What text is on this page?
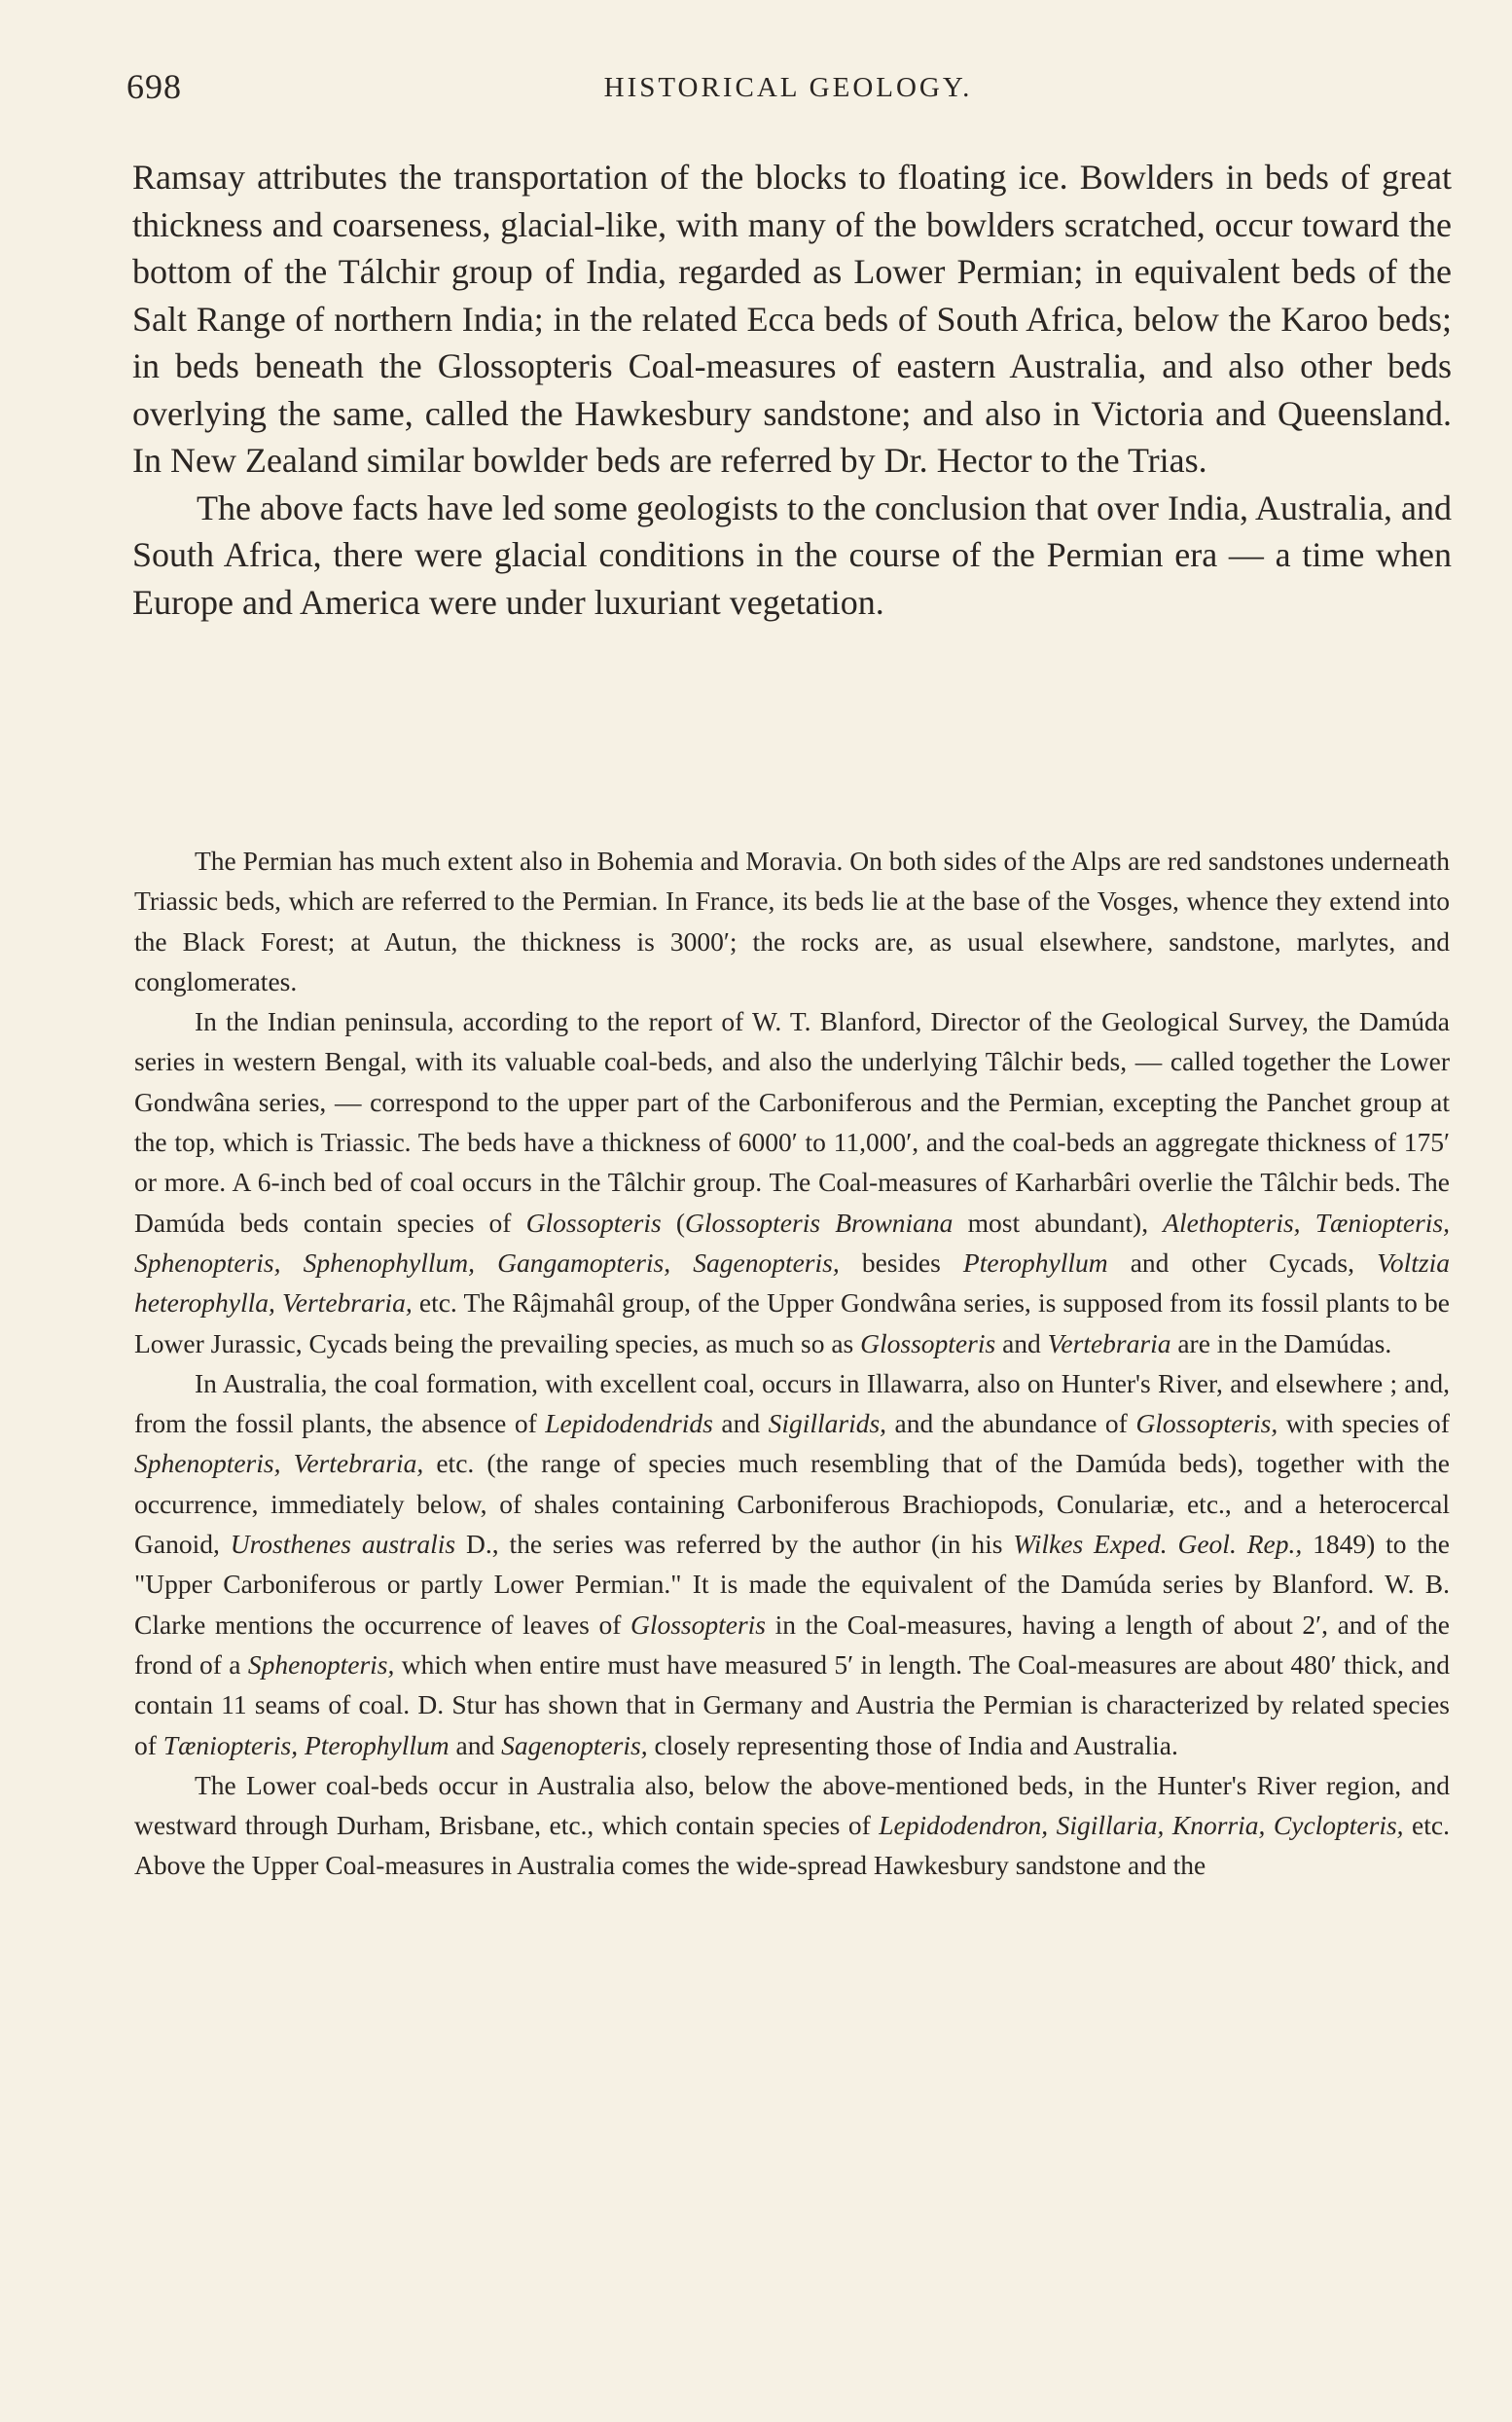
698	HISTORICAL GEOLOGY.

Ramsay attributes the transportation of the blocks to floating ice. Bowlders in beds of great thickness and coarseness, glacial-like, with many of the bowlders scratched, occur toward the bottom of the Tálchir group of India, regarded as Lower Permian; in equivalent beds of the Salt Range of northern India; in the related Ecca beds of South Africa, below the Karoo beds; in beds beneath the Glossopteris Coal-measures of eastern Australia, and also other beds overlying the same, called the Hawkesbury sandstone; and also in Victoria and Queensland. In New Zealand similar bowlder beds are referred by Dr. Hector to the Trias.

The above facts have led some geologists to the conclusion that over India, Australia, and South Africa, there were glacial conditions in the course of the Permian era — a time when Europe and America were under luxuriant vegetation.

The Permian has much extent also in Bohemia and Moravia. On both sides of the Alps are red sandstones underneath Triassic beds, which are referred to the Permian. In France, its beds lie at the base of the Vosges, whence they extend into the Black Forest; at Autun, the thickness is 3000′; the rocks are, as usual elsewhere, sandstone, marlytes, and conglomerates.

In the Indian peninsula, according to the report of W. T. Blanford, Director of the Geological Survey, the Damúda series in western Bengal, with its valuable coal-beds, and also the underlying Tâlchir beds, — called together the Lower Gondwâna series, — correspond to the upper part of the Carboniferous and the Permian, excepting the Panchet group at the top, which is Triassic. The beds have a thickness of 6000′ to 11,000′, and the coal-beds an aggregate thickness of 175′ or more. A 6-inch bed of coal occurs in the Tâlchir group. The Coal-measures of Karharbâri overlie the Tâlchir beds. The Damúda beds contain species of Glossopteris (Glossopteris Browniana most abundant), Alethopteris, Tæniopteris, Sphenopteris, Sphenophyllum, Gangamopteris, Sagenopteris, besides Pterophyllum and other Cycads, Voltzia heterophylla, Vertebraria, etc. The Râjmahâl group, of the Upper Gondwâna series, is supposed from its fossil plants to be Lower Jurassic, Cycads being the prevailing species, as much so as Glossopteris and Vertebraria are in the Damúdas.

In Australia, the coal formation, with excellent coal, occurs in Illawarra, also on Hunter's River, and elsewhere ; and, from the fossil plants, the absence of Lepidodendrids and Sigillarids, and the abundance of Glossopteris, with species of Sphenopteris, Vertebraria, etc. (the range of species much resembling that of the Damúda beds), together with the occurrence, immediately below, of shales containing Carboniferous Brachiopods, Conulariæ, etc., and a heterocercal Ganoid, Urosthenes australis D., the series was referred by the author (in his Wilkes Exped. Geol. Rep., 1849) to the "Upper Carboniferous or partly Lower Permian." It is made the equivalent of the Damúda series by Blanford. W. B. Clarke mentions the occurrence of leaves of Glossopteris in the Coal-measures, having a length of about 2′, and of the frond of a Sphenopteris, which when entire must have measured 5′ in length. The Coal-measures are about 480′ thick, and contain 11 seams of coal. D. Stur has shown that in Germany and Austria the Permian is characterized by related species of Tæniopteris, Pterophyllum and Sagenopteris, closely representing those of India and Australia.

The Lower coal-beds occur in Australia also, below the above-mentioned beds, in the Hunter's River region, and westward through Durham, Brisbane, etc., which contain species of Lepidodendron, Sigillaria, Knorria, Cyclopteris, etc. Above the Upper Coal-measures in Australia comes the wide-spread Hawkesbury sandstone and the
